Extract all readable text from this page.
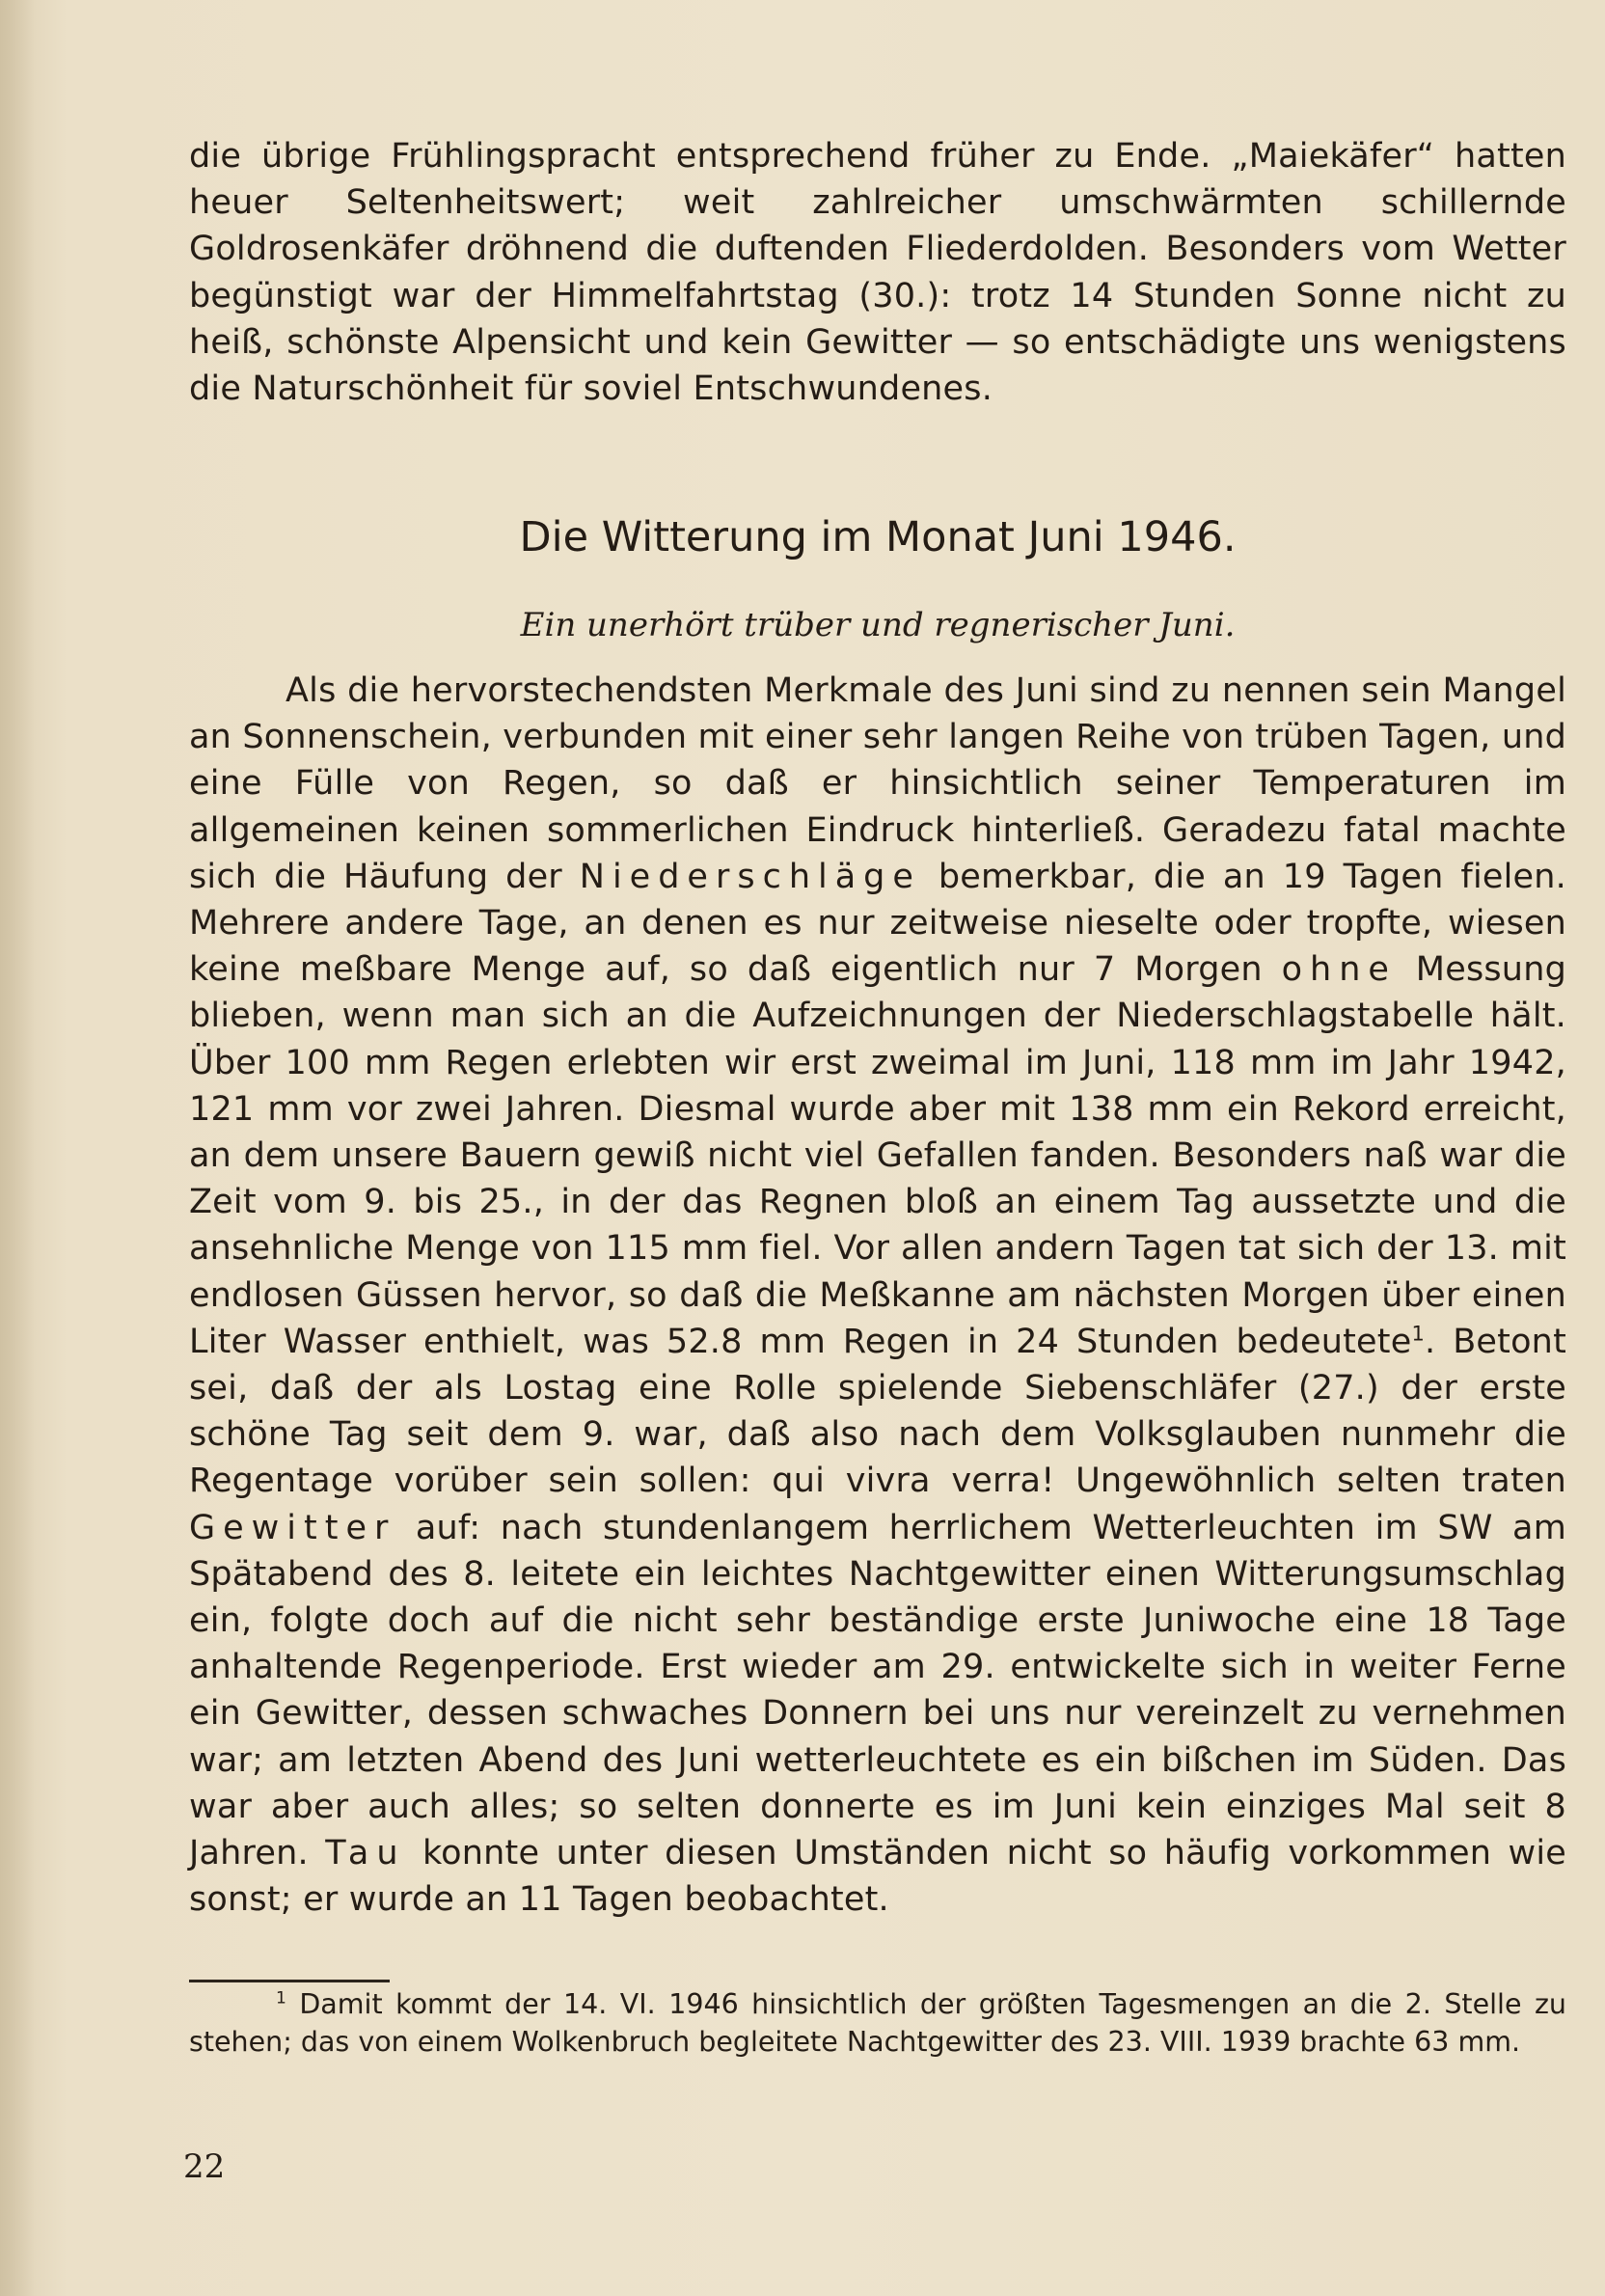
die übrige Frühlingspracht entsprechend früher zu Ende. „Maiekäfer“ hatten heuer Seltenheitswert; weit zahlreicher umschwärmten schillernde Goldrosenkäfer dröhnend die duftenden Fliederdolden. Besonders vom Wetter begünstigt war der Himmelfahrtstag (30.): trotz 14 Stunden Sonne nicht zu heiß, schönste Alpensicht und kein Gewitter — so entschädigte uns wenigstens die Naturschönheit für soviel Entschwundenes.

Die Witterung im Monat Juni 1946.

Ein unerhört trüber und regnerischer Juni.

Als die hervorstechendsten Merkmale des Juni sind zu nennen sein Mangel an Sonnenschein, verbunden mit einer sehr langen Reihe von trüben Tagen, und eine Fülle von Regen, so daß er hinsichtlich seiner Temperaturen im allgemeinen keinen sommerlichen Eindruck hinterließ. Geradezu fatal machte sich die Häufung der Niederschläge bemerkbar, die an 19 Tagen fielen. Mehrere andere Tage, an denen es nur zeitweise nieselte oder tropfte, wiesen keine meßbare Menge auf, so daß eigentlich nur 7 Morgen ohne Messung blieben, wenn man sich an die Aufzeichnungen der Niederschlagstabelle hält. Über 100 mm Regen erlebten wir erst zweimal im Juni, 118 mm im Jahr 1942, 121 mm vor zwei Jahren. Diesmal wurde aber mit 138 mm ein Rekord erreicht, an dem unsere Bauern gewiß nicht viel Gefallen fanden. Besonders naß war die Zeit vom 9. bis 25., in der das Regnen bloß an einem Tag aussetzte und die ansehnliche Menge von 115 mm fiel. Vor allen andern Tagen tat sich der 13. mit endlosen Güssen hervor, so daß die Meßkanne am nächsten Morgen über einen Liter Wasser enthielt, was 52.8 mm Regen in 24 Stunden bedeutete$^1$. Betont sei, daß der als Lostag eine Rolle spielende Siebenschläfer (27.) der erste schöne Tag seit dem 9. war, daß also nach dem Volksglauben nunmehr die Regentage vorüber sein sollen: qui vivra verra! Ungewöhnlich selten traten Gewitter auf: nach stundenlangem herrlichem Wetterleuchten im SW am Spätabend des 8. leitete ein leichtes Nachtgewitter einen Witterungsumschlag ein, folgte doch auf die nicht sehr beständige erste Juniwoche eine 18 Tage anhaltende Regenperiode. Erst wieder am 29. entwickelte sich in weiter Ferne ein Gewitter, dessen schwaches Donnern bei uns nur vereinzelt zu vernehmen war; am letzten Abend des Juni wetterleuchtete es ein bißchen im Süden. Das war aber auch alles; so selten donnerte es im Juni kein einziges Mal seit 8 Jahren. Tau konnte unter diesen Umständen nicht so häufig vorkommen wie sonst; er wurde an 11 Tagen beobachtet.

$^1$ Damit kommt der 14. VI. 1946 hinsichtlich der größten Tagesmengen an die 2. Stelle zu stehen; das von einem Wolkenbruch begleitete Nachtgewitter des 23. VIII. 1939 brachte 63 mm.

22
